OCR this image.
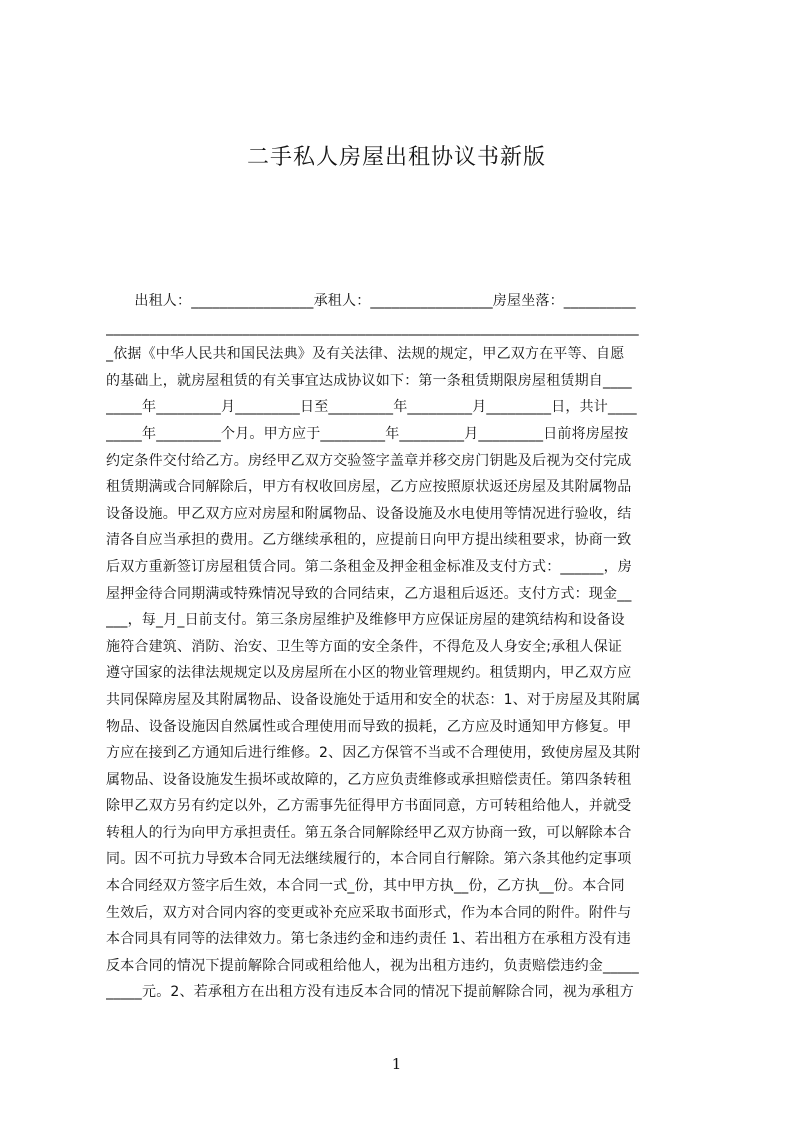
二手私人房屋出租协议书新版
　　出租人：_________________承租人：_________________房屋坐落：__________
__________________________________________________________________________
_依据《中华人民共和国民法典》及有关法律、法规的规定，甲乙双方在平等、自愿
的基础上，就房屋租赁的有关事宜达成协议如下：第一条租赁期限房屋租赁期自____
_____年_________月_________日至_________年_________月_________日，共计____
_____年_________个月。甲方应于_________年_________月_________日前将房屋按
约定条件交付给乙方。房经甲乙双方交验签字盖章并移交房门钥匙及后视为交付完成
租赁期满或合同解除后，甲方有权收回房屋，乙方应按照原状返还房屋及其附属物品
设备设施。甲乙双方应对房屋和附属物品、设备设施及水电使用等情况进行验收，结
清各自应当承担的费用。乙方继续承租的，应提前日向甲方提出续租要求，协商一致
后双方重新签订房屋租赁合同。第二条租金及押金租金标准及支付方式：______，房
屋押金待合同期满或特殊情况导致的合同结束，乙方退租后返还。支付方式：现金__
___，每_月_日前支付。第三条房屋维护及维修甲方应保证房屋的建筑结构和设备设
施符合建筑、消防、治安、卫生等方面的安全条件，不得危及人身安全;承租人保证
遵守国家的法律法规规定以及房屋所在小区的物业管理规约。租赁期内，甲乙双方应
共同保障房屋及其附属物品、设备设施处于适用和安全的状态：1、对于房屋及其附属
物品、设备设施因自然属性或合理使用而导致的损耗，乙方应及时通知甲方修复。甲
方应在接到乙方通知后进行维修。2、因乙方保管不当或不合理使用，致使房屋及其附
属物品、设备设施发生损坏或故障的，乙方应负责维修或承担赔偿责任。第四条转租
除甲乙双方另有约定以外，乙方需事先征得甲方书面同意，方可转租给他人，并就受
转租人的行为向甲方承担责任。第五条合同解除经甲乙双方协商一致，可以解除本合
同。因不可抗力导致本合同无法继续履行的，本合同自行解除。第六条其他约定事项
本合同经双方签字后生效，本合同一式_份，其中甲方执__份，乙方执__份。本合同
生效后，双方对合同内容的变更或补充应采取书面形式，作为本合同的附件。附件与
本合同具有同等的法律效力。第七条违约金和违约责任 1、若出租方在承租方没有违
反本合同的情况下提前解除合同或租给他人，视为出租方违约，负责赔偿违约金_____
_____元。2、若承租方在出租方没有违反本合同的情况下提前解除合同，视为承租方
1
